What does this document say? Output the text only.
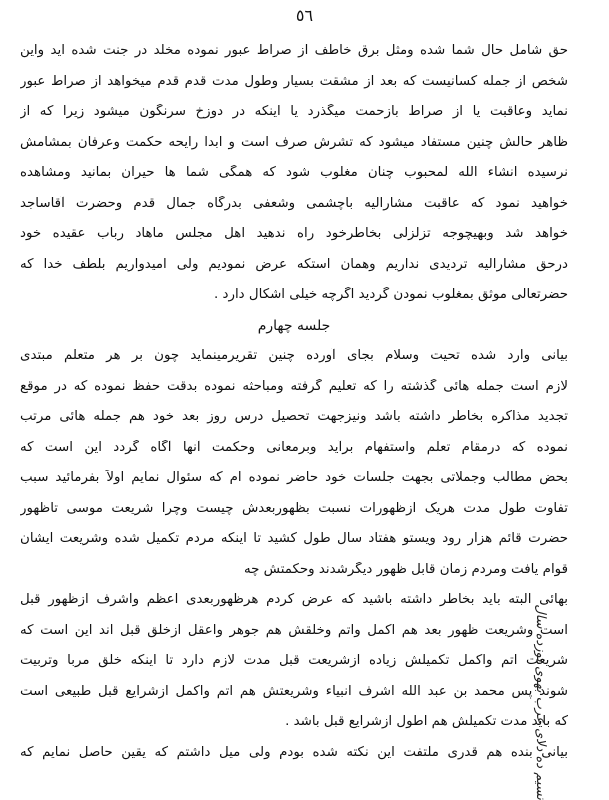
٥٦
حق شامل حال شما شده ومثل برق خاطف از صراط عبور نموده مخلد در جنت شده اید واین
شخص از جمله کسانیست که بعد از مشقت بسیار وطول مدت قدم قدم میخواهد از صراط عبور
نماید وعاقبت یا از صراط بازحمت میگذرد یا اینکه در دوزخ سرنگون میشود زیرا که از
ظاهر حالش چنین مستفاد میشود که تشرش صرف است و ابداً رایحه حکمت وعرفان بمشامش
نرسیده انشاء الله لمحبوب چنان مغلوب شود که همگی شما ها حیران بمانید ومشاهده
خواهید نمود که عاقبت مشارالیه باچشمی وشعفی بدرگاه جمال قدم وحضرت آقاساجد
خواهد شد وبهیچوجه تزلزلی بخاطرخود راه ندهید اهل مجلس ماهاد رباب عقیده خود
درحق مشارالیه تردیدی نداریم وهمان استکه عرض نمودیم ولی امیدواریم بلطف خدا که
حضرتعالی موثق بمغلوب نمودن گردید اگرچه خیلی اشکال دارد .
جلسه چهارم
بیانی وارد شده تحیت وسلام بجای آورده چنین تقریرمینماید چون بر هر متعلم مبتدی
لازم است جمله هائی گذشته را که تعلیم گرفته ومباحثه نموده بدقت حفظ نموده که در موقع
تجدید مذاکره بخاطر داشته باشد ونیزجهت تحصیل درس روز بعد خود هم جمله هائی مرتب
نموده که درمقام تعلم واستفهام برآید وبرمعانی وحکمت آنها آگاه گردد این است که
بحض مطالب وجملاتی بجهت جلسات خود حاضر نموده ام که سئوال نمایم اولاً بفرمائید سبب
تفاوت طول مدت هریک ازظهورات نسبت بظهوربعدش چیست وچرا شریعت موسی تاظهور
حضرت قائم هزار رود ویستو هفتاد سال طول کشید تا اینکه مردم تکمیل شده وشریعت ایشان
قوام یافت ومردم زمان قابل ظهور دیگرشدند وحکمتش چه
بهائی البته باید بخاطر داشته باشید که عرض کردم هرظهوربعدی اعظم واشرف ازظهور قبل
است وشریعت ظهور بعد هم اکمل واتم وخلقش هم جوهر واعقل ازخلق قبل اند این است که
شریعت اتم واکمل تکمیلش زیاده ازشریعت قبل مدت لازم دارد تا اینکه خلق مربا وتربیت
شوند پس محمد بن عبد الله اشرف انبیاء وشریعتش هم اتم واکمل ازشرایع قبل طبیعی است
که باید مدت تکمیلش هم اطول ازشرایع قبل باشد .
بیانی بنده هم قدری ملتفت این نکته شده بودم ولی میل داشتم که یقین حاصل نمایم که
تسیم ده دلای عرب بهوی نوزده سال
